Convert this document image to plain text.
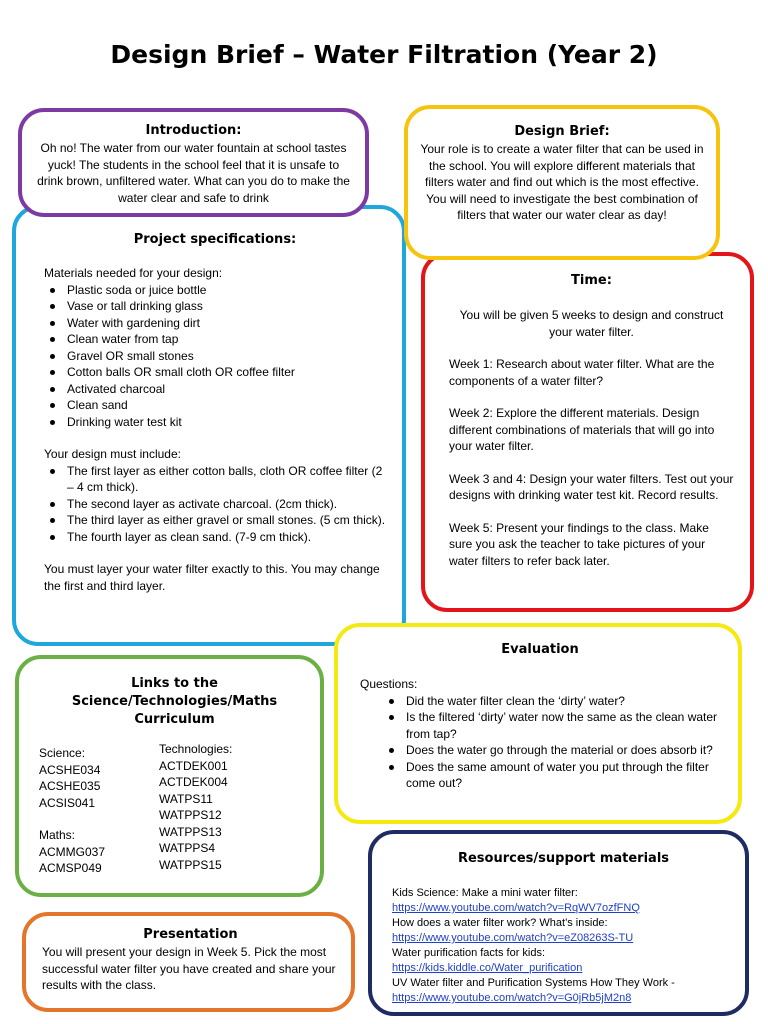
Design Brief – Water Filtration (Year 2)
Project specifications:

Materials needed for your design:

Plastic soda or juice bottle
Vase or tall drinking glass
Water with gardening dirt
Clean water from tap
Gravel OR small stones
Cotton balls OR small cloth OR coffee filter
Activated charcoal
Clean sand
Drinking water test kit

Your design must include:

The first layer as either cotton balls, cloth OR coffee filter (2 – 4 cm thick).
The second layer as activate charcoal. (2cm thick).
The third layer as either gravel or small stones. (5 cm thick).
The fourth layer as clean sand. (7-9 cm thick).

You must layer your water filter exactly to this. You may change the first and third layer.

Introduction:

Oh no! The water from our water fountain at school tastes yuck! The students in the school feel that it is unsafe to drink brown, unfiltered water. What can you do to make the water clear and safe to drink

Time:

You will be given 5 weeks to design and construct your water filter.

Week 1: Research about water filter. What are the components of a water filter?

Week 2: Explore the different materials. Design different combinations of materials that will go into your water filter.

Week 3 and 4: Design your water filters. Test out your designs with drinking water test kit. Record results.

Week 5: Present your findings to the class. Make sure you ask the teacher to take pictures of your water filters to refer back later.

Design Brief:

Your role is to create a water filter that can be used in the school. You will explore different materials that filters water and find out which is the most effective. You will need to investigate the best combination of filters that water our water clear as day!

Links to the
Science/Technologies/Maths
Curriculum

Science:

ACSHE034

ACSHE035

ACSIS041

Maths:

ACMMG037

ACMSP049

Technologies:

ACTDEK001

ACTDEK004

WATPS11

WATPPS12

WATPPS13

WATPPS4

WATPPS15

Evaluation

Questions:

Did the water filter clean the ‘dirty’ water?
Is the filtered ‘dirty’ water now the same as the clean water from tap?
Does the water go through the material or does absorb it?
Does the same amount of water you put through the filter come out?
Presentation

You will present your design in Week 5. Pick the most successful water filter you have created and share your results with the class.

Resources/support materials

Kids Science: Make a mini water filter:

https://www.youtube.com/watch?v=RqWV7ozfFNQ

How does a water filter work? What’s inside:

https://www.youtube.com/watch?v=eZ08263S-TU

Water purification facts for kids:

https://kids.kiddle.co/Water_purification

UV Water filter and Purification Systems How They Work -

https://www.youtube.com/watch?v=G0jRb5jM2n8
